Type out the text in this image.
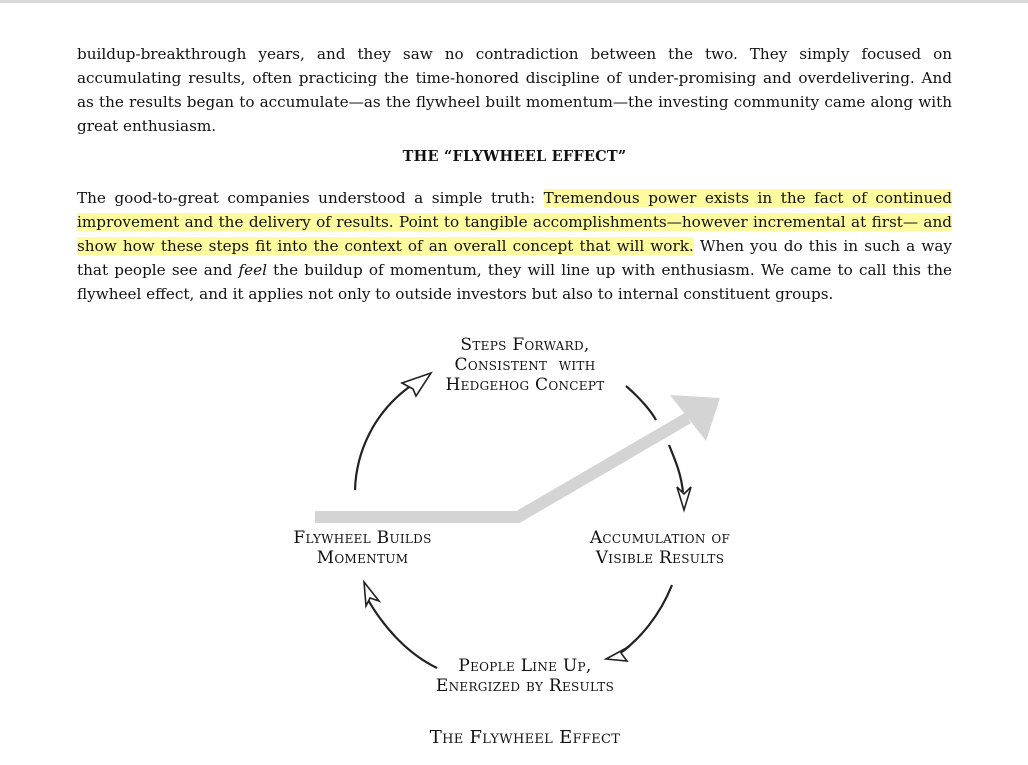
buildup-breakthrough years, and they saw no contradiction between the two. They simply focused on accumulating results, often practicing the time-honored discipline of under-promising and overdelivering. And as the results began to accumulate—as the flywheel built momentum—the investing community came along with great enthusiasm.

THE “FLYWHEEL EFFECT”

The good-to-great companies understood a simple truth: Tremendous power exists in the fact of continued improvement and the delivery of results. Point to tangible accomplishments—however incremental at first— and show how these steps fit into the context of an overall concept that will work. When you do this in such a way that people see and feel the buildup of momentum, they will line up with enthusiasm. We came to call this the flywheel effect, and it applies not only to outside investors but also to internal constituent groups.

Steps Forward,
Consistent  with
Hedgehog Concept
Accumulation of
Visible Results
People Line Up,
Energized by Results
Flywheel Builds
Momentum
The Flywheel Effect
